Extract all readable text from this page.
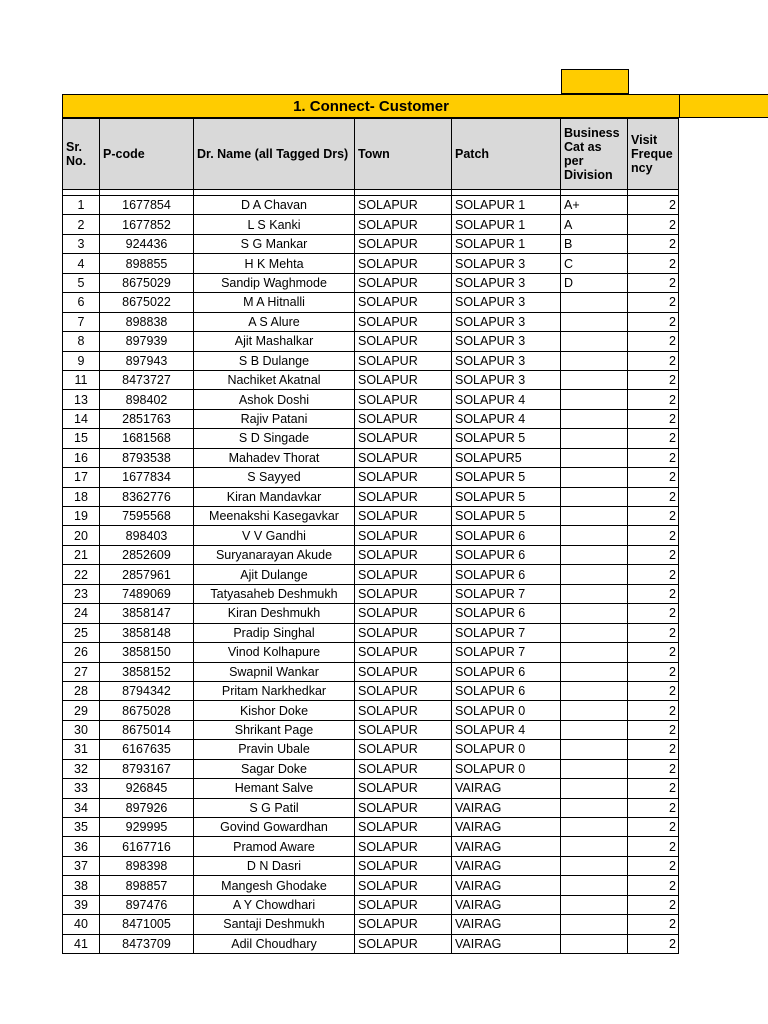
1. Connect- Customer
Sr. No.	P-code	Dr. Name (all Tagged Drs)	Town	Patch	Business Cat as per Division	Visit Freque ncy

1	1677854	D A Chavan	SOLAPUR	SOLAPUR 1	A+	2
2	1677852	L S Kanki	SOLAPUR	SOLAPUR 1	A	2
3	924436	S G Mankar	SOLAPUR	SOLAPUR 1	B	2
4	898855	H K Mehta	SOLAPUR	SOLAPUR 3	C	2
5	8675029	Sandip Waghmode	SOLAPUR	SOLAPUR 3	D	2
6	8675022	M A Hitnalli	SOLAPUR	SOLAPUR 3		2
7	898838	A S Alure	SOLAPUR	SOLAPUR 3		2
8	897939	Ajit Mashalkar	SOLAPUR	SOLAPUR 3		2
9	897943	S B Dulange	SOLAPUR	SOLAPUR 3		2
11	8473727	Nachiket Akatnal	SOLAPUR	SOLAPUR 3		2
13	898402	Ashok Doshi	SOLAPUR	SOLAPUR 4		2
14	2851763	Rajiv Patani	SOLAPUR	SOLAPUR 4		2
15	1681568	S D Singade	SOLAPUR	SOLAPUR 5		2
16	8793538	Mahadev Thorat	SOLAPUR	SOLAPUR5		2
17	1677834	S Sayyed	SOLAPUR	SOLAPUR 5		2
18	8362776	Kiran Mandavkar	SOLAPUR	SOLAPUR 5		2
19	7595568	Meenakshi Kasegavkar	SOLAPUR	SOLAPUR 5		2
20	898403	V V Gandhi	SOLAPUR	SOLAPUR 6		2
21	2852609	Suryanarayan Akude	SOLAPUR	SOLAPUR 6		2
22	2857961	Ajit Dulange	SOLAPUR	SOLAPUR 6		2
23	7489069	Tatyasaheb Deshmukh	SOLAPUR	SOLAPUR 7		2
24	3858147	Kiran Deshmukh	SOLAPUR	SOLAPUR 6		2
25	3858148	Pradip Singhal	SOLAPUR	SOLAPUR 7		2
26	3858150	Vinod Kolhapure	SOLAPUR	SOLAPUR 7		2
27	3858152	Swapnil Wankar	SOLAPUR	SOLAPUR 6		2
28	8794342	Pritam Narkhedkar	SOLAPUR	SOLAPUR 6		2
29	8675028	Kishor Doke	SOLAPUR	SOLAPUR 0		2
30	8675014	Shrikant Page	SOLAPUR	SOLAPUR 4		2
31	6167635	Pravin Ubale	SOLAPUR	SOLAPUR 0		2
32	8793167	Sagar Doke	SOLAPUR	SOLAPUR 0		2
33	926845	Hemant Salve	SOLAPUR	VAIRAG		2
34	897926	S G Patil	SOLAPUR	VAIRAG		2
35	929995	Govind Gowardhan	SOLAPUR	VAIRAG		2
36	6167716	Pramod Aware	SOLAPUR	VAIRAG		2
37	898398	D N Dasri	SOLAPUR	VAIRAG		2
38	898857	Mangesh Ghodake	SOLAPUR	VAIRAG		2
39	897476	A Y Chowdhari	SOLAPUR	VAIRAG		2
40	8471005	Santaji Deshmukh	SOLAPUR	VAIRAG		2
41	8473709	Adil Choudhary	SOLAPUR	VAIRAG		2
